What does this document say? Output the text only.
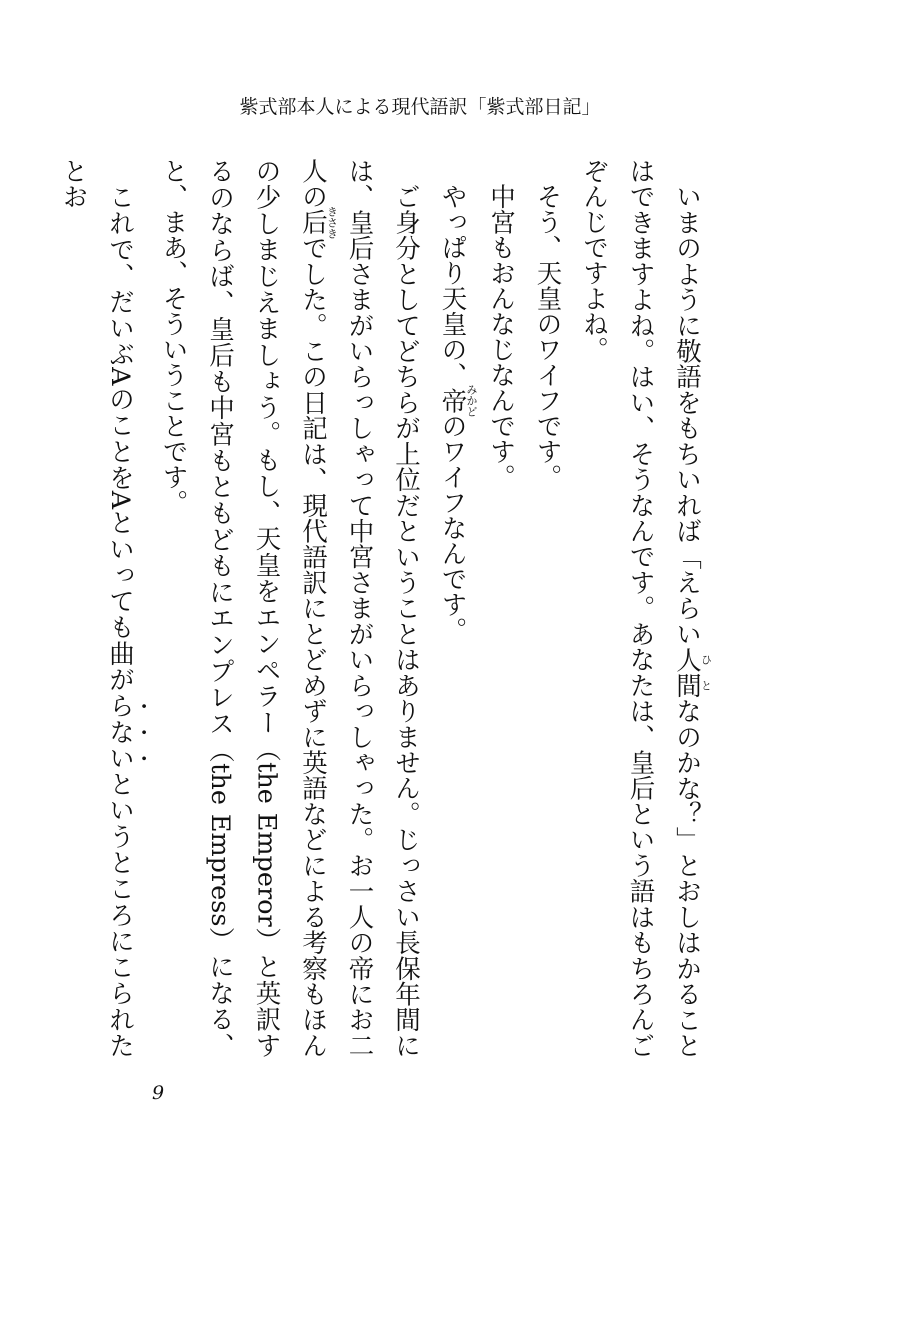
紫式部本人による現代語訳「紫式部日記」

　いまのように敬語をもちいれば「えらい人間ひとなのかな？」とおしはかることはできますよね。はい、そうなんです。あなたは、皇后という語はもちろんごぞんじですよね。

　そう、天皇のワイフです。

　中宮もおんなじなんです。

　やっぱり天皇の、帝みかどのワイフなんです。

　ご身分としてどちらが上位だということはありません。じっさい長保年間には、皇后さまがいらっしゃって中宮さまがいらっしゃった。お一人の帝にお二人の后きさきでした。この日記は、現代語訳にとどめずに英語などによる考察もほんの少しまじえましょう。もし、天皇をエンペラー（the Emperor）と英訳するのならば、皇后も中宮もともどもにエンプレス（the Empress）になる、と、まあ、そういうことです。

　これで、だいぶAのことをAといっても曲がらないというところにこられたとお

9
